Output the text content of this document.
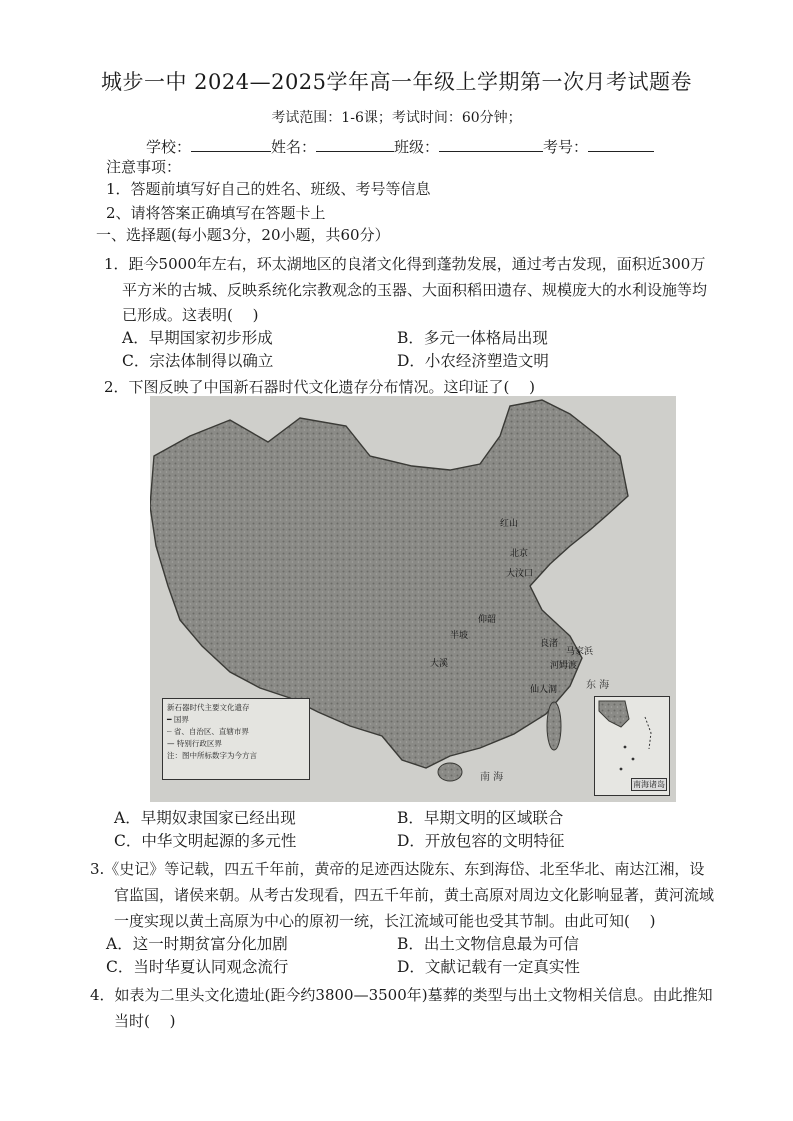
城步一中 2024—2025学年高一年级上学期第一次月考试题卷
考试范围：1-6课；考试时间：60分钟；
学校：	姓名：	班级：	考号：
注意事项：
1．答题前填写好自己的姓名、班级、考号等信息
2、请将答案正确填写在答题卡上
一、选择题(每小题3分，20小题，共60分）
1．距今5000年左右，环太湖地区的良渚文化得到蓬勃发展，通过考古发现，面积近300万
平方米的古城、反映系统化宗教观念的玉器、大面积稻田遗存、规模庞大的水利设施等均
已形成。这表明(　 )
A．早期国家初步形成	B．多元一体格局出现
C．宗法体制得以确立	D．小农经济塑造文明
2．下图反映了中国新石器时代文化遗存分布情况。这印证了(　 )
北京
大汶口
良渚
河姆渡
马家浜
仙人洞
大溪
半坡
仰韶
红山
东 海
南 海
新石器时代主要文化遗存
━ 国界
┈ 省、自治区、直辖市界
— 特别行政区界
注：图中所标数字为今方言
南海诸岛
A．早期奴隶国家已经出现	B．早期文明的区域联合
C．中华文明起源的多元性	D．开放包容的文明特征
3.《史记》等记载，四五千年前，黄帝的足迹西达陇东、东到海岱、北至华北、南达江湘，设
官监国，诸侯来朝。从考古发现看，四五千年前，黄土高原对周边文化影响显著，黄河流域
一度实现以黄土高原为中心的原初一统，长江流域可能也受其节制。由此可知(　 )
A．这一时期贫富分化加剧	B．出土文物信息最为可信
C．当时华夏认同观念流行	D．文献记载有一定真实性
4．如表为二里头文化遗址(距今约3800—3500年)墓葬的类型与出土文物相关信息。由此推知
当时(　 )
